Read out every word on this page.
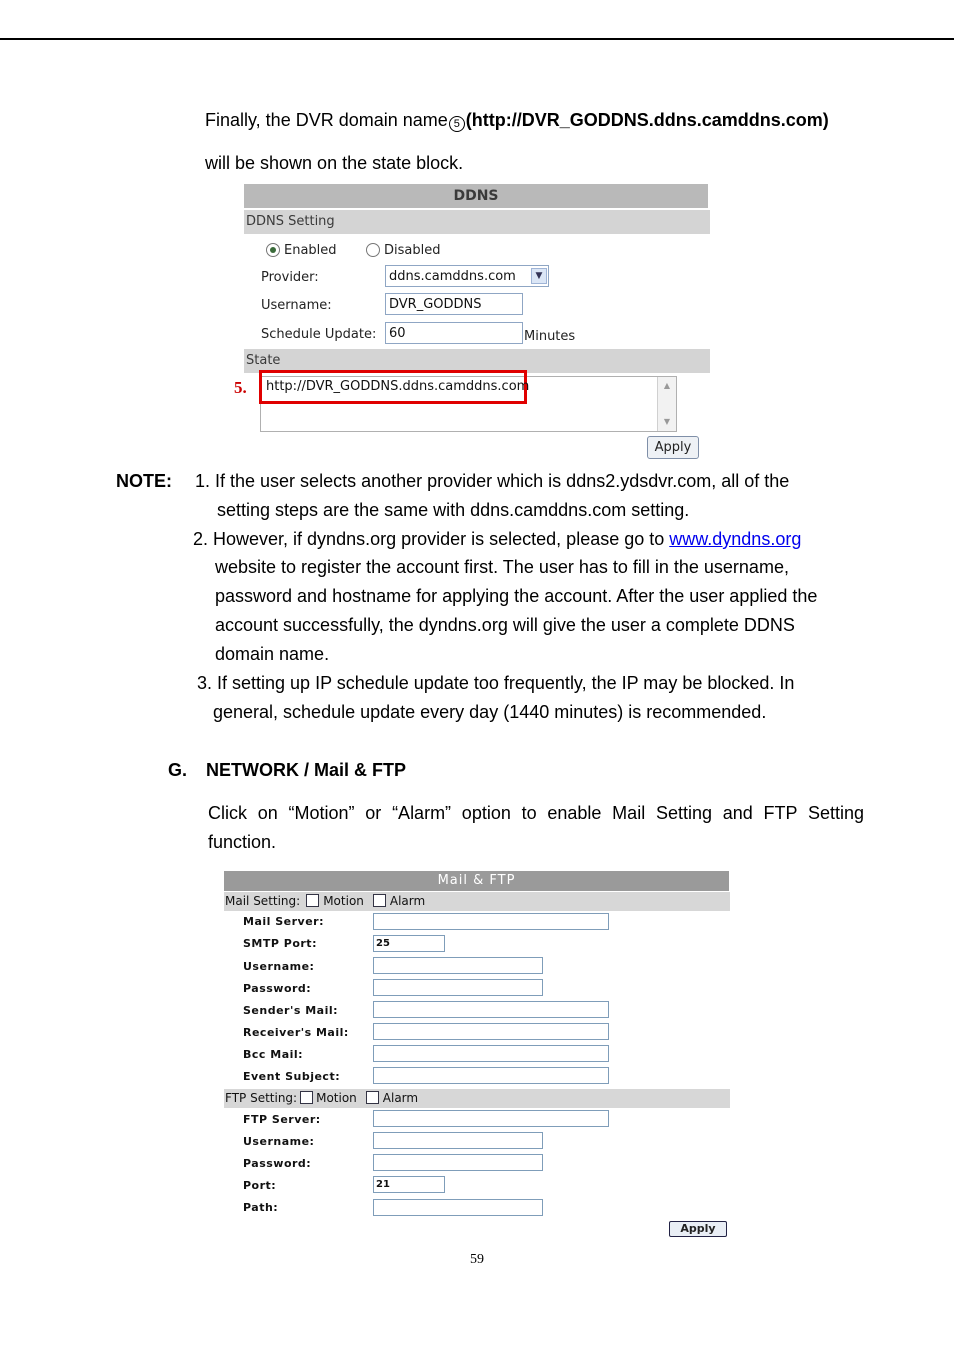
Finally, the DVR domain name 5 (http://DVR_GODDNS.ddns.camddns.com)
will be shown on the state block.
DDNS
DDNS Setting
Enabled	Disabled
Provider:	ddns.camddns.com	▼
Username:	DVR_GODDNS
Schedule Update: 60	Minutes
State
▲
▼
http://DVR_GODDNS.ddns.camddns.com
5.
Apply
NOTE: 1. If the user selects another provider which is ddns2.ydsdvr.com, all of the
setting steps are the same with ddns.camddns.com setting.
2. However, if dyndns.org provider is selected, please go to www.dyndns.org
website to register the account first. The user has to fill in the username,
password and hostname for applying the account. After the user applied the
account successfully, the dyndns.org will give the user a complete DDNS
domain name.
3. If setting up IP schedule update too frequently, the IP may be blocked. In
general, schedule update every day (1440 minutes) is recommended.
G. NETWORK / Mail & FTP
Click on “Motion” or “Alarm” option to enable Mail Setting and FTP Setting
function.
Mail & FTP
Mail Setting: Motion Alarm
Mail Server:
SMTP Port:	25
Username:
Password:
Sender's Mail:
Receiver's Mail:
Bcc Mail:
Event Subject:
FTP Setting: Motion Alarm
FTP Server:
Username:
Password:
Port:	21
Path:
Apply
59
